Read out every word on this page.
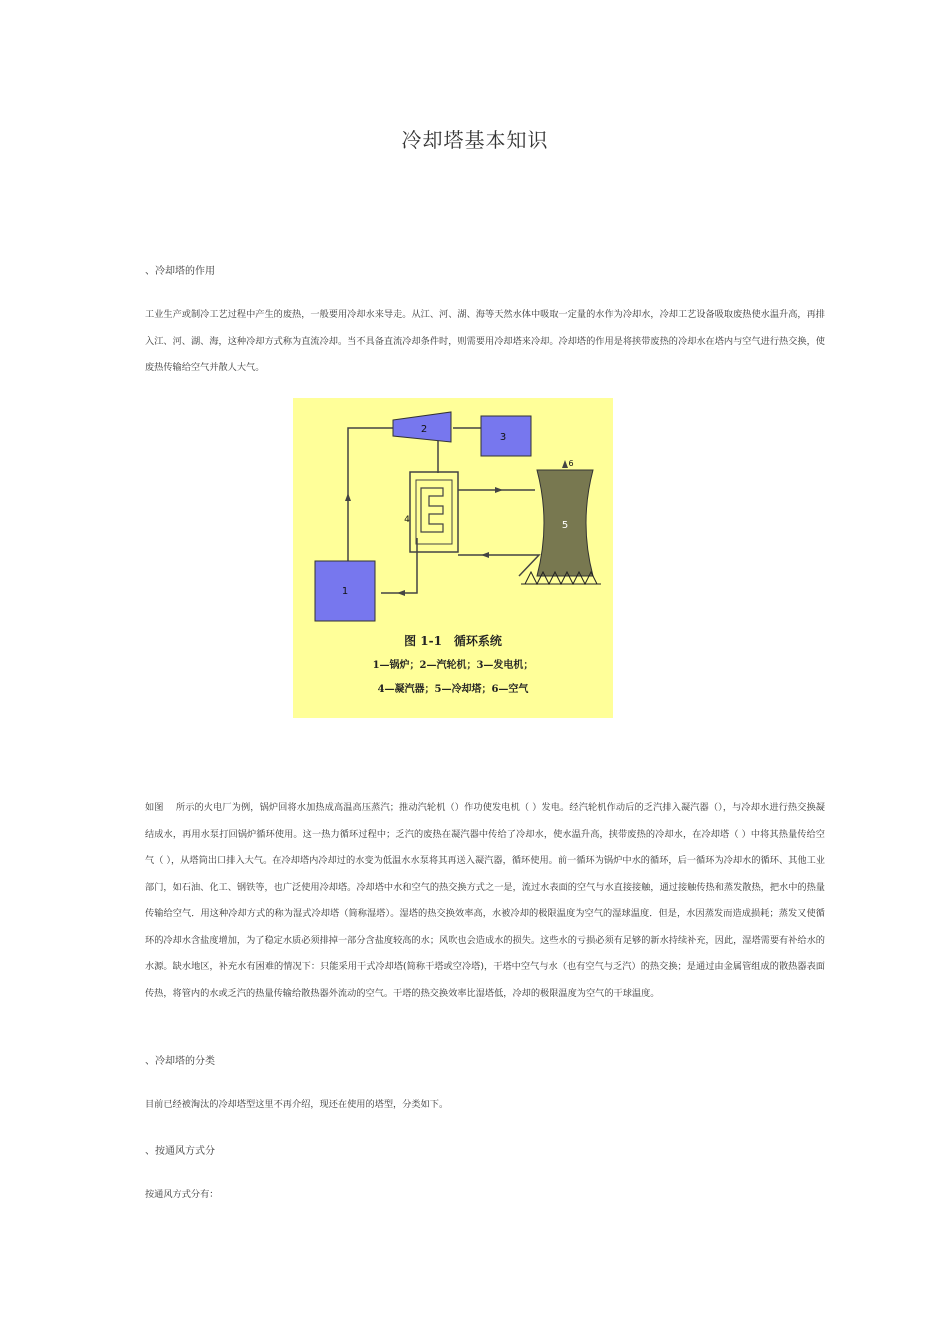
冷却塔基本知识
、冷却塔的作用

工业生产或制冷工艺过程中产生的废热，一般要用冷却水来导走。从江、河、湖、海等天然水体中吸取一定量的水作为冷却水，冷却工艺设备吸取废热使水温升高，再排入江、河、湖、海，这种冷却方式称为直流冷却。当不具备直流冷却条件时，则需要用冷却塔来冷却。冷却塔的作用是将挟带废热的冷却水在塔内与空气进行热交换，使废热传输给空气并散人大气。

1
2
3
4	5
6
图 1-1　循环系统
1—锅炉；2—汽轮机；3—发电机；
4—凝汽器；5—冷却塔；6—空气

如图　 所示的火电厂为例，锅炉回将水加热成高温高压蒸汽；推动汽轮机（）作功使发电机（ ）发电。经汽轮机作动后的乏汽排入凝汽器（），与冷却水进行热交换凝结成水，再用水泵打回锅炉循环使用。这一热力循环过程中；乏汽的废热在凝汽器中传给了冷却水，使水温升高，挟带废热的冷却水，在冷却塔（ ）中将其热量传给空气（ ），从塔筒出口排入大气。在冷却塔内冷却过的水变为低温水水泵将其再送入凝汽器，循环使用。前一循环为锅炉中水的循环，后一循环为冷却水的循环、其他工业部门，如石油、化工、钢铁等，也广泛使用冷却塔。冷却塔中水和空气的热交换方式之一是，流过水表面的空气与水直接接触，通过接触传热和蒸发散热，把水中的热量传输给空气．用这种冷却方式的称为湿式冷却塔（简称湿塔）。湿塔的热交换效率高，水被冷却的极限温度为空气的湿球温度．但是，水因蒸发而造成损耗；蒸发又使循环的冷却水含盐度增加，为了稳定水质必须排掉一部分含盐度较高的水；风吹也会造成水的损失。这些水的亏损必须有足够的新水持续补充，因此，湿塔需要有补给水的水源。缺水地区，补充水有困难的情况下：只能采用干式冷却塔(简称干塔或空冷塔)，干塔中空气与水（也有空气与乏汽）的热交换；是通过由金属管组成的散热器表面传热，将管内的水或乏汽的热量传输给散热器外流动的空气。干塔的热交换效率比湿塔低，冷却的极限温度为空气的干球温度。

、冷却塔的分类

目前已经被淘汰的冷却塔型这里不再介绍，现还在使用的塔型，分类如下。

、按通风方式分

按通风方式分有：
